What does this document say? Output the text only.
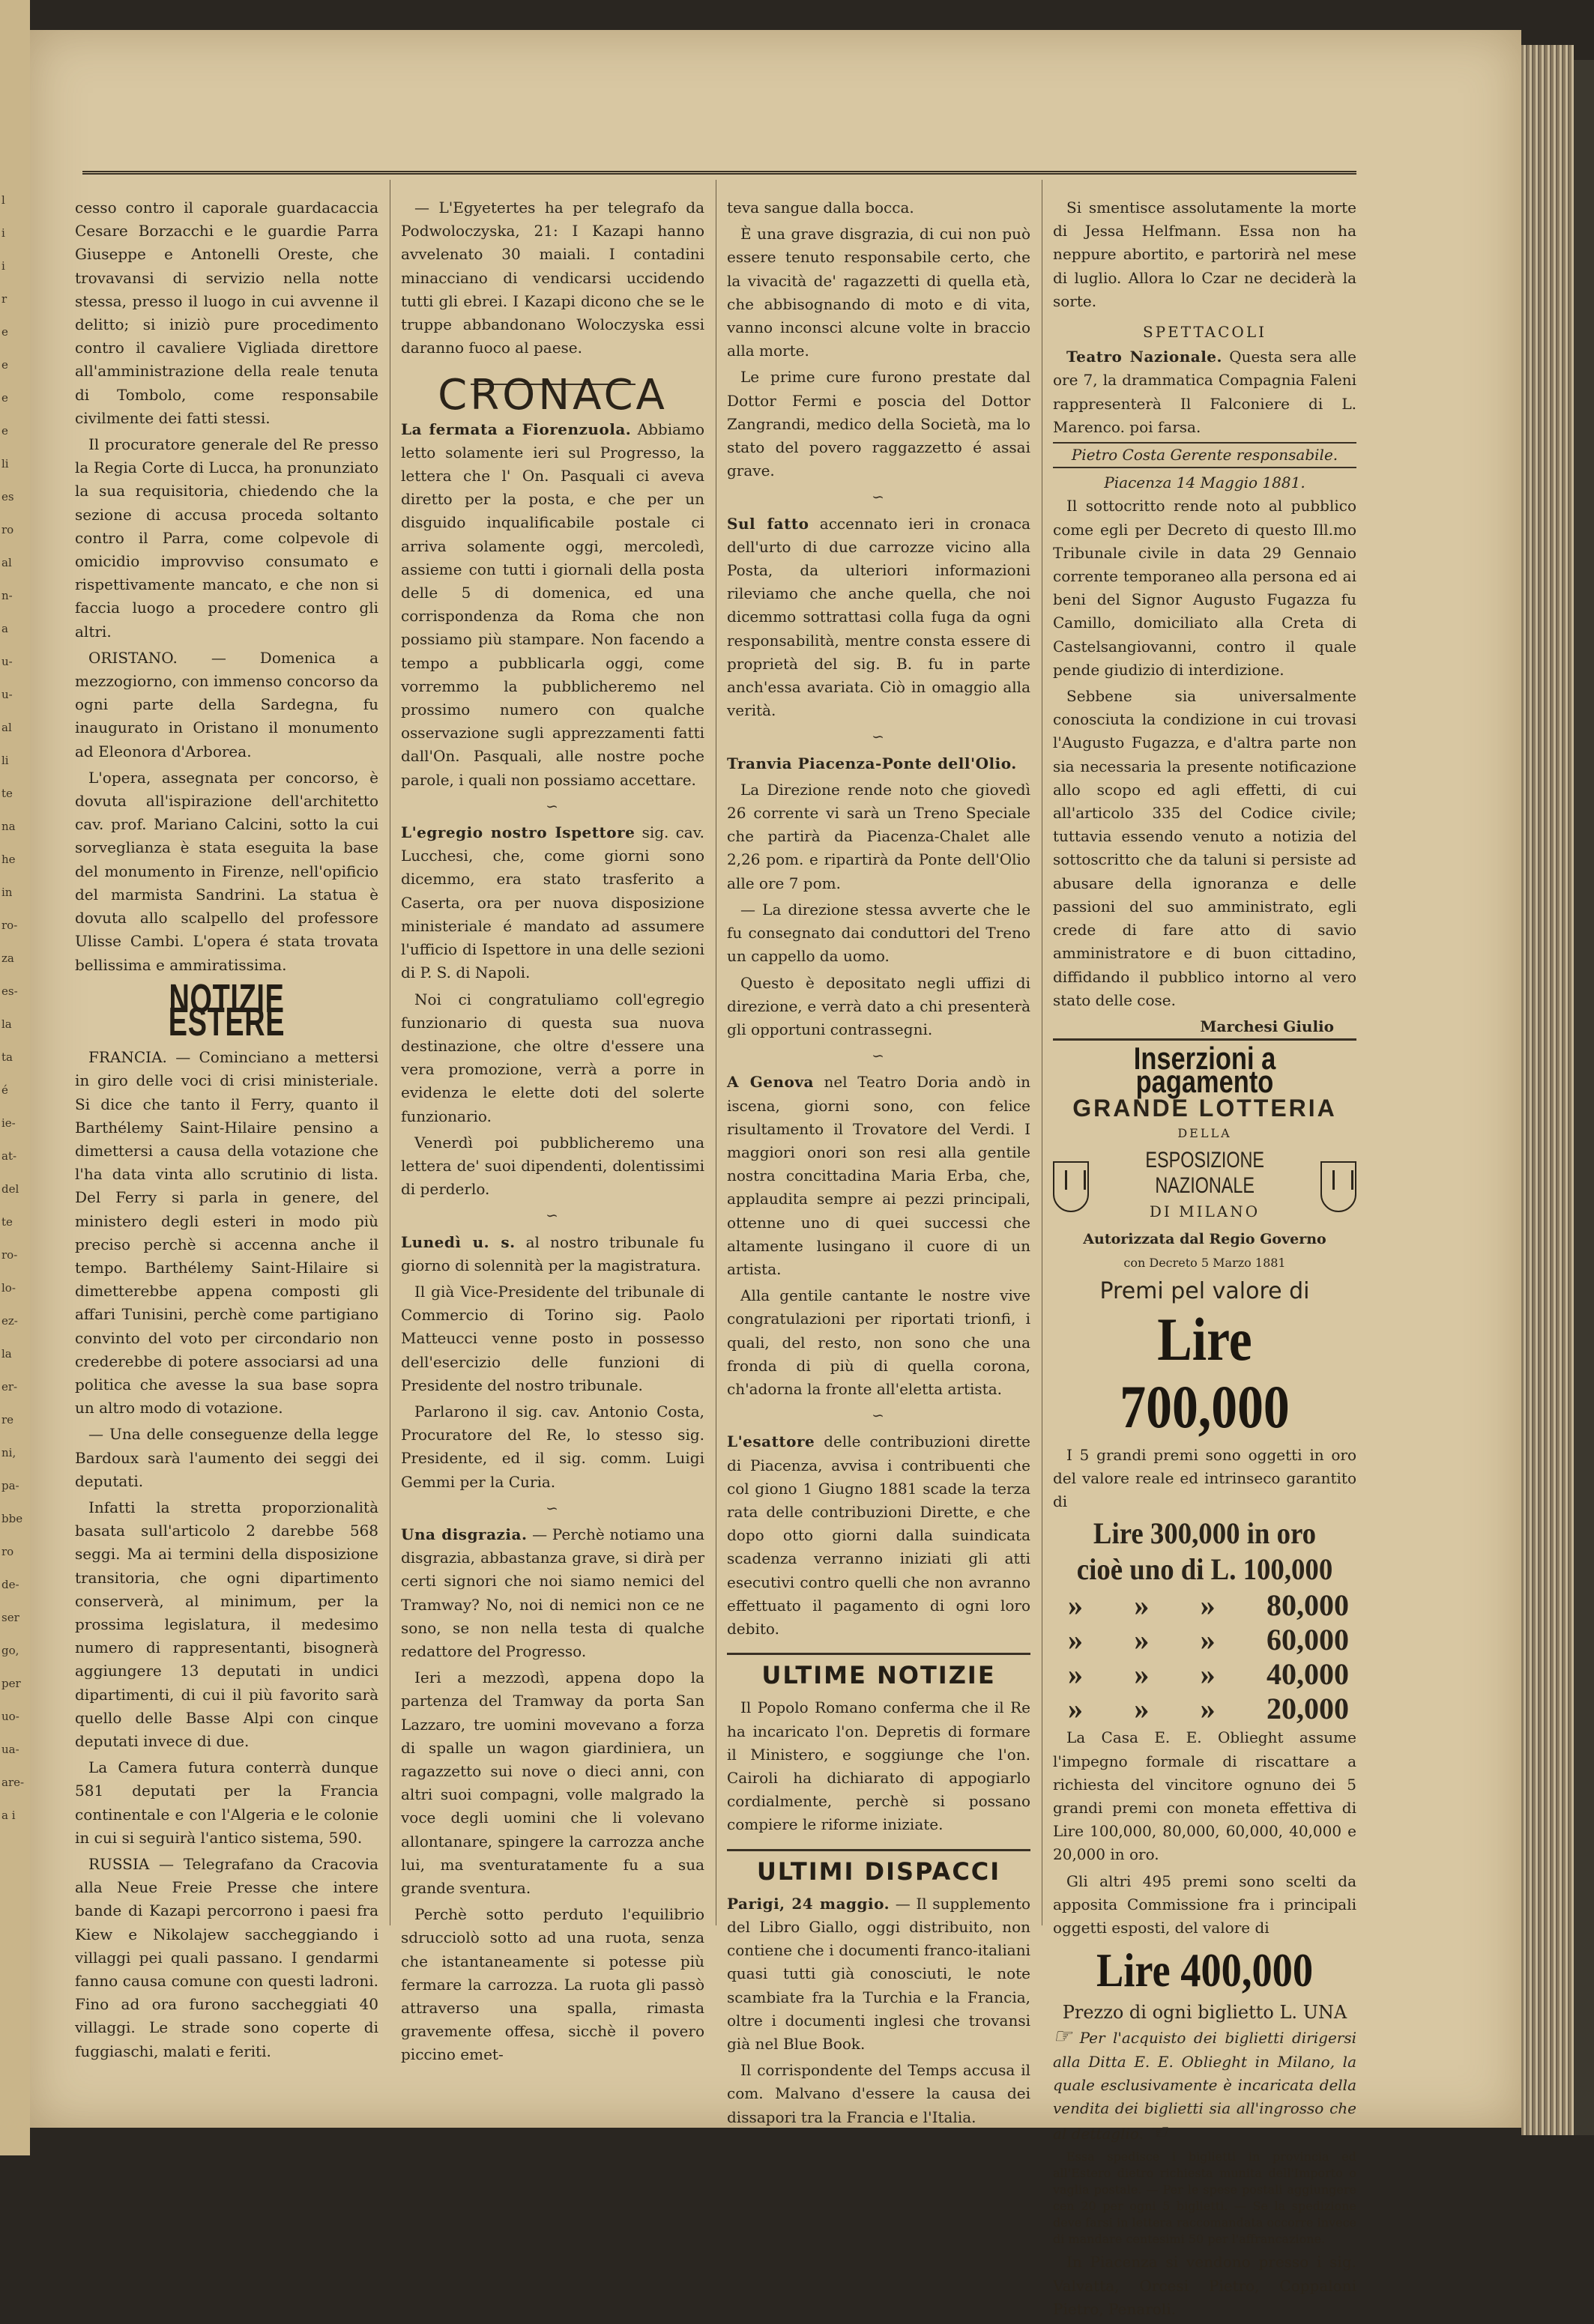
l
i
i
r
e
e
e
e
li
es
ro
al
n-
a
u-
u-
al
li
te
na
he
in
ro-
za
es-
la
ta
é
ie-
at-
del
te
ro-
lo-
ez-
la
er-
re
ni,
pa-
bbe
ro
de-
ser
go,
per
uo-
ua-
are-
a i

cesso contro il caporale guardacaccia Cesare Borzacchi e le guardie Parra Giuseppe e Antonelli Oreste, che trovavansi di servizio nella notte stessa, presso il luogo in cui avvenne il delitto; si iniziò pure procedimento contro il cavaliere Vigliada direttore all'amministrazione della reale tenuta di Tombolo, come responsabile civilmente dei fatti stessi.

Il procuratore generale del Re presso la Regia Corte di Lucca, ha pronunziato la sua requisitoria, chiedendo che la sezione di accusa proceda soltanto contro il Parra, come colpevole di omicidio improvviso consumato e rispettivamente mancato, e che non si faccia luogo a procedere contro gli altri.

ORISTANO. — Domenica a mezzogiorno, con immenso concorso da ogni parte della Sardegna, fu inaugurato in Oristano il monumento ad Eleonora d'Arborea.

L'opera, assegnata per concorso, è dovuta all'ispirazione dell'architetto cav. prof. Mariano Calcini, sotto la cui sorveglianza è stata eseguita la base del monumento in Firenze, nell'opificio del marmista Sandrini. La statua è dovuta allo scalpello del professore Ulisse Cambi. L'opera é stata trovata bellissima e ammiratissima.

NOTIZIE ESTERE

FRANCIA. — Cominciano a mettersi in giro delle voci di crisi ministeriale. Si dice che tanto il Ferry, quanto il Barthélemy Saint-Hilaire pensino a dimettersi a causa della votazione che l'ha data vinta allo scrutinio di lista. Del Ferry si parla in genere, del ministero degli esteri in modo più preciso perchè si accenna anche il tempo. Barthélemy Saint-Hilaire si dimetterebbe appena composti gli affari Tunisini, perchè come partigiano convinto del voto per circondario non crederebbe di potere associarsi ad una politica che avesse la sua base sopra un altro modo di votazione.

— Una delle conseguenze della legge Bardoux sarà l'aumento dei seggi dei deputati.

Infatti la stretta proporzionalità basata sull'articolo 2 darebbe 568 seggi. Ma ai termini della disposizione transitoria, che ogni dipartimento conserverà, al minimum, per la prossima legislatura, il medesimo numero di rappresentanti, bisognerà aggiungere 13 deputati in undici dipartimenti, di cui il più favorito sarà quello delle Basse Alpi con cinque deputati invece di due.

La Camera futura conterrà dunque 581 deputati per la Francia continentale e con l'Algeria e le colonie in cui si seguirà l'antico sistema, 590.

RUSSIA — Telegrafano da Cracovia alla Neue Freie Presse che intere bande di Kazapi percorrono i paesi fra Kiew e Nikolajew saccheggiando i villaggi pei quali passano. I gendarmi fanno causa comune con questi ladroni. Fino ad ora furono saccheggiati 40 villaggi. Le strade sono coperte di fuggiaschi, malati e feriti.

— L'Egyetertes ha per telegrafo da Podwoloczyska, 21: I Kazapi hanno avvelenato 30 maiali. I contadini minacciano di vendicarsi uccidendo tutti gli ebrei. I Kazapi dicono che se le truppe abbandonano Woloczyska essi daranno fuoco al paese.

CRONACA

La fermata a Fiorenzuola. Abbiamo letto solamente ieri sul Progresso, la lettera che l' On. Pasquali ci aveva diretto per la posta, e che per un disguido inqualificabile postale ci arriva solamente oggi, mercoledì, assieme con tutti i giornali della posta delle 5 di domenica, ed una corrispondenza da Roma che non possiamo più stampare. Non facendo a tempo a pubblicarla oggi, come vorremmo la pubblicheremo nel prossimo numero con qualche osservazione sugli apprezzamenti fatti dall'On. Pasquali, alle nostre poche parole, i quali non possiamo accettare.

∽

L'egregio nostro Ispettore sig. cav. Lucchesi, che, come giorni sono dicemmo, era stato trasferito a Caserta, ora per nuova disposizione ministeriale é mandato ad assumere l'ufficio di Ispettore in una delle sezioni di P. S. di Napoli.

Noi ci congratuliamo coll'egregio funzionario di questa sua nuova destinazione, che oltre d'essere una vera promozione, verrà a porre in evidenza le elette doti del solerte funzionario.

Venerdì poi pubblicheremo una lettera de' suoi dipendenti, dolentissimi di perderlo.

∽

Lunedì u. s. al nostro tribunale fu giorno di solennità per la magistratura.

Il già Vice-Presidente del tribunale di Commercio di Torino sig. Paolo Matteucci venne posto in possesso dell'esercizio delle funzioni di Presidente del nostro tribunale.

Parlarono il sig. cav. Antonio Costa, Procuratore del Re, lo stesso sig. Presidente, ed il sig. comm. Luigi Gemmi per la Curia.

∽

Una disgrazia. — Perchè notiamo una disgrazia, abbastanza grave, si dirà per certi signori che noi siamo nemici del Tramway? No, noi di nemici non ce ne sono, se non nella testa di qualche redattore del Progresso.

Ieri a mezzodì, appena dopo la partenza del Tramway da porta San Lazzaro, tre uomini movevano a forza di spalle un wagon giardiniera, un ragazzetto sui nove o dieci anni, con altri suoi compagni, volle malgrado la voce degli uomini che li volevano allontanare, spingere la carrozza anche lui, ma sventuratamente fu a sua grande sventura.

Perchè sotto perduto l'equilibrio sdrucciolò sotto ad una ruota, senza che istantaneamente si potesse più fermare la carrozza. La ruota gli passò attraverso una spalla, rimasta gravemente offesa, sicchè il povero piccino emet-

teva sangue dalla bocca.

È una grave disgrazia, di cui non può essere tenuto responsabile certo, che la vivacità de' ragazzetti di quella età, che abbisognando di moto e di vita, vanno inconsci alcune volte in braccio alla morte.

Le prime cure furono prestate dal Dottor Fermi e poscia del Dottor Zangrandi, medico della Società, ma lo stato del povero raggazzetto é assai grave.

∽

Sul fatto accennato ieri in cronaca dell'urto di due carrozze vicino alla Posta, da ulteriori informazioni rileviamo che anche quella, che noi dicemmo sottrattasi colla fuga da ogni responsabilità, mentre consta essere di proprietà del sig. B. fu in parte anch'essa avariata. Ciò in omaggio alla verità.

∽

Tranvia Piacenza-Ponte dell'Olio.

La Direzione rende noto che giovedì 26 corrente vi sarà un Treno Speciale che partirà da Piacenza-Chalet alle 2,26 pom. e ripartirà da Ponte dell'Olio alle ore 7 pom.

— La direzione stessa avverte che le fu consegnato dai conduttori del Treno un cappello da uomo.

Questo è depositato negli uffizi di direzione, e verrà dato a chi presenterà gli opportuni contrassegni.

∽

A Genova nel Teatro Doria andò in iscena, giorni sono, con felice risultamento il Trovatore del Verdi. I maggiori onori son resi alla gentile nostra concittadina Maria Erba, che, applaudita sempre ai pezzi principali, ottenne uno di quei successi che altamente lusingano il cuore di un artista.

Alla gentile cantante le nostre vive congratulazioni per riportati trionfi, i quali, del resto, non sono che una fronda di più di quella corona, ch'adorna la fronte all'eletta artista.

∽

L'esattore delle contribuzioni dirette di Piacenza, avvisa i contribuenti che col giono 1 Giugno 1881 scade la terza rata delle contribuzioni Dirette, e che dopo otto giorni dalla suindicata scadenza verranno iniziati gli atti esecutivi contro quelli che non avranno effettuato il pagamento di ogni loro debito.

ULTIME NOTIZIE

Il Popolo Romano conferma che il Re ha incaricato l'on. Depretis di formare il Ministero, e soggiunge che l'on. Cairoli ha dichiarato di appogiarlo cordialmente, perchè si possano compiere le riforme iniziate.

ULTIMI DISPACCI

Parigi, 24 maggio. — Il supplemento del Libro Giallo, oggi distribuito, non contiene che i documenti franco-italiani quasi tutti già conosciuti, le note scambiate fra la Turchia e la Francia, oltre i documenti inglesi che trovansi già nel Blue Book.

Il corrispondente del Temps accusa il com. Malvano d'essere la causa dei dissapori tra la Francia e l'Italia.

Si smentisce assolutamente la morte di Jessa Helfmann. Essa non ha neppure abortito, e partorirà nel mese di luglio. Allora lo Czar ne deciderà la sorte.

SPETTACOLI

Teatro Nazionale. Questa sera alle ore 7, la drammatica Compagnia Faleni rappresenterà Il Falconiere di L. Marenco. poi farsa.

Pietro Costa Gerente responsabile.
Piacenza 14 Maggio 1881.

Il sottocritto rende noto al pubblico come egli per Decreto di questo Ill.mo Tribunale civile in data 29 Gennaio corrente temporaneo alla persona ed ai beni del Signor Augusto Fugazza fu Camillo, domiciliato alla Creta di Castelsangiovanni, contro il quale pende giudizio di interdizione.

Sebbene sia universalmente conosciuta la condizione in cui trovasi l'Augusto Fugazza, e d'altra parte non sia necessaria la presente notificazione allo scopo ed agli effetti, di cui all'articolo 335 del Codice civile; tuttavia essendo venuto a notizia del sottoscritto che da taluni si persiste ad abusare della ignoranza e delle passioni del suo amministrato, egli crede di fare atto di savio amministratore e di buon cittadino, diffidando il pubblico intorno al vero stato delle cose.

Marchesi Giulio
Inserzioni a pagamento
GRANDE LOTTERIA
DELLA
ESPOSIZIONE NAZIONALE
DI MILANO
Autorizzata dal Regio Governo
con Decreto 5 Marzo 1881
Premi pel valore di
Lire 700,000

I 5 grandi premi sono oggetti in oro del valore reale ed intrinseco garantito di

Lire 300,000 in oro
cioè uno di L. 100,000
» » » 80,000
» » » 60,000
» » » 40,000
» » » 20,000

La Casa E. E. Oblieght assume l'impegno formale di riscattare a richiesta del vincitore ognuno dei 5 grandi premi con moneta effettiva di Lire 100,000, 80,000, 60,000, 40,000 e 20,000 in oro.

Gli altri 495 premi sono scelti da apposita Commissione fra i principali oggetti esposti, del valore di

Lire 400,000
Prezzo di ogni biglietto L. UNA

☞ Per l'acquisto dei biglietti dirigersi alla Ditta E. E. Oblieght in Milano, la quale esclusivamente è incaricata della vendita dei biglietti sia all'ingrosso che al dettaglio. ☜

Essa spedisce i biglietti in provincia ed all'Estero dietro richiesta munita dell'Importo o vaglia postale. — Per le spese postali aggiungere cen 20 per ogni 5 biglietti. — Se la spedizione deve farsi in lettera raccomandata occorre invece di mandare centesimi 50 per l'affrancazione.

In Piacenza si vendono presso i sig. Valvatta, Orcesi Pietro, Coppaloni Pietro, Penaroli.
